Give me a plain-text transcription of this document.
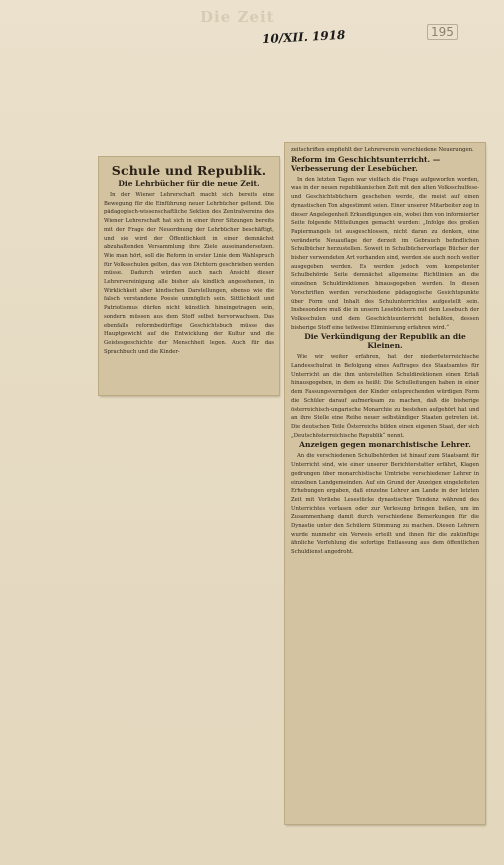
Die Zeit
10/XII. 1918	195
Schule und Republik.
Die Lehrbücher für die neue Zeit.

In der Wiener Lehrerschaft macht sich bereits eine Bewegung für die Einführung neuer Lehrbücher geltend. Die pädagogisch-wissenschaftliche Sektion des Zentralvereins des Wiener Lehrerschaft hat sich in einer ihrer Sitzungen bereits mit der Frage der Neuordnung der Lehrbücher beschäftigt, und sie wird der Öffentlichkeit in einer demnächst abzuhaltenden Versammlung ihre Ziele auseinandersetzen. Wie man hört, soll die Reform in erster Linie dem Wahlspruch für Volksschulen gelten, das von Dichtern geschrieben werden müsse. Dadurch würden auch nach Ansicht dieser Lehrervereinigung alle bisher als kindlich angesehenen, in Wirklichkeit aber kindischen Darstellungen, ebenso wie die falsch verstandene Poesie unmöglich sein. Sittlichkeit und Patriotismus dürfen nicht künstlich hineingetragen sein, sondern müssen aus dem Stoff selbst hervorwachsen. Das ebenfalls reformbedürftige Geschichtsbuch müsse das Hauptgewicht auf die Entwicklung der Kultur und die Geistesgeschichte der Menschheit legen. Auch für das Sprachbuch und die Kinder-

zeitschriften empfiehlt der Lehrerverein verschiedene Neuerungen.

Reform im Geschichtsunterricht. — Verbesserung der Lesebücher.

In den letzten Tagen war vielfach die Frage aufgeworfen worden, was in der neuen republikanischen Zeit mit den alten Volksschulfese- und Geschichtsbüchern geschehen werde, die meist auf einen dynastischen Ton abgestimmt seien. Einer unserer Mitarbeiter zog in dieser Angelegenheit Erkundigungen ein, wobei ihm von informierter Seite folgende Mitteilungen gemacht wurden: „Infolge des großen Papiermangels ist ausgeschlossen, nicht daran zu denken, eine veränderte Neuauflage der derzeit im Gebrauch befindlichen Schulbücher herzustellen. Soweit in Schulbüchervorlage Bücher der bisher verwendeten Art vorhanden sind, werden sie auch noch weiter ausgegeben werden. Es werden jedoch vom kompetenter Schulbehörde Seite demnächst allgemeine Richtlinien an die einzelnen Schuldirektionen hinausgegeben werden. In diesen Vorschriften werden verschiedene pädagogische Gesichtspunkte über Form und Inhalt des Schulunterrichtes aufgestellt sein. Insbesondere muß die in unsern Lesebüchern mit dem Lesebuch der Volksschulen und dem Geschichtsunterricht befaßten, dessen bisherige Stoff eine teilweise Eliminierung erfahren wird.“

Die Verkündigung der Republik an die Kleinen.

Wie wir weiter erfahren, hat der niederösterreichische Landesschulrat in Befolgung eines Auftrages des Staatsamtes für Unterricht an die ihm unterstellten Schuldirektionen einen Erlaß hinausgegeben, in dem es heißt: Die Schulleitungen haben in einer dem Fassungsvermögen der Kinder entsprechenden würdigen Form die Schüler darauf aufmerksam zu machen, daß die bisherige österreichisch-ungarische Monarchie zu bestehen aufgehört hat und an ihre Stelle eine Reihe neuer selbständiger Staaten getreten ist. Die deutschen Teile Österreichs bilden einen eigenen Staat, der sich „Deutschösterreichische Republik“ nennt.

Anzeigen gegen monarchistische Lehrer.

An die verschiedenen Schulbehörden ist hinauf zum Staatsamt für Unterricht sind, wie einer unserer Berichterstatter erfährt, Klagen gedrungen über monarchistische Umtriebe verschiedener Lehrer in einzelnen Landgemeinden. Auf ein Grund der Anzeigen eingeleiteten Erhebungen ergaben, daß einzelne Lehrer am Lande in der letzten Zeit mit Vorliebe Lesestücke dynastischer Tendenz während des Unterrichtes vorlasen oder zur Verlesung bringen ließen, um im Zusammenhang damit durch verschiedene Bemerkungen für die Dynastie unter den Schülern Stimmung zu machen. Diesen Lehrern wurde nunmehr ein Verweis erteilt und ihnen für die zukünftige ähnliche Verfehlung die sofortige Entlassung aus dem öffentlichen Schuldienst angedroht.
